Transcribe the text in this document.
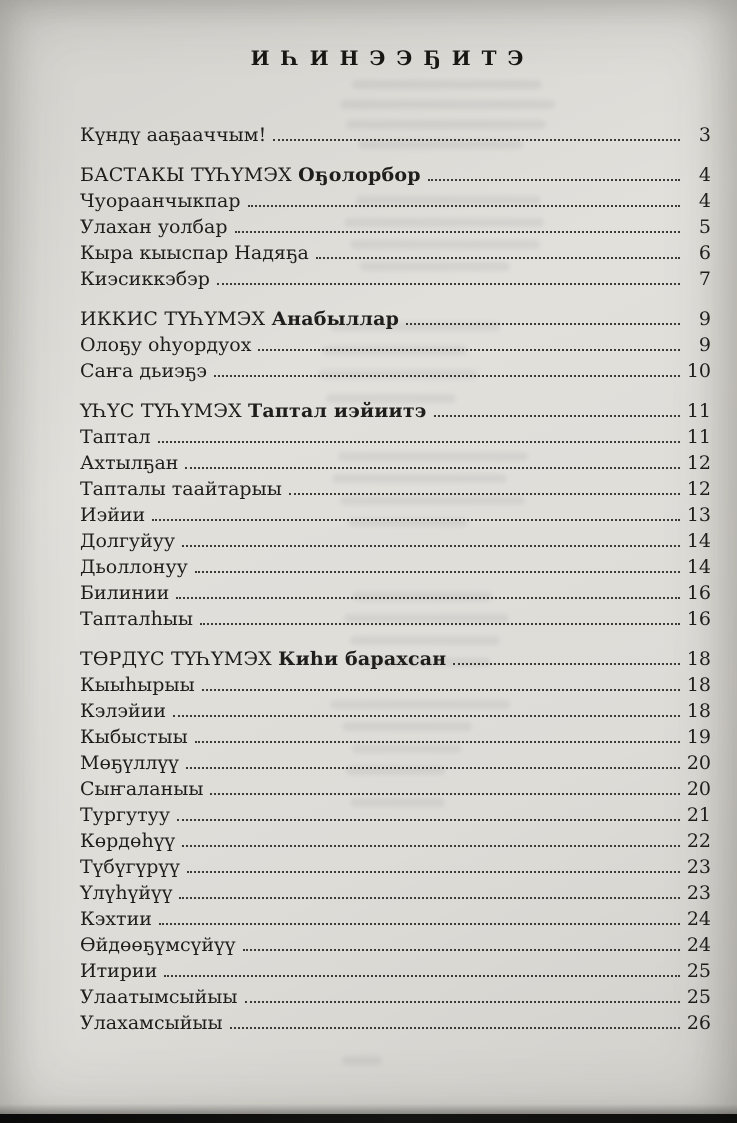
ИҺИНЭЭҔИТЭ
Күндү ааҕааччым!	3
БАСТАКЫ ТҮҺҮМЭХ Оҕолорбор	4
Чуораанчыкпар	4
Улахан уолбар	5
Кыра кыыспар Надяҕа	6
Киэсиккэбэр	7
ИККИС ТҮҺҮМЭХ Анабыллар	9
Олоҕу оһуордуох	9
Саҥа дьиэҕэ	10
ҮҺҮС ТҮҺҮМЭХ Таптал иэйиитэ	11
Таптал	11
Ахтылҕан	12
Тапталы таайтарыы	12
Иэйии	13
Долгуйуу	14
Дьоллонуу	14
Билинии	16
Тапталһыы	16
ТӨРДҮС ТҮҺҮМЭХ Киһи барахсан	18
Кыыһырыы	18
Кэлэйии	18
Кыбыстыы	19
Мөҕүллүү	20
Сыҥаланыы	20
Тургутуу	21
Көрдөһүү	22
Түбүгүрүү	23
Үлүһүйүү	23
Кэхтии	24
Өйдөөҕүмсүйүү	24
Итирии	25
Улаатымсыйыы	25
Улахамсыйыы	26
